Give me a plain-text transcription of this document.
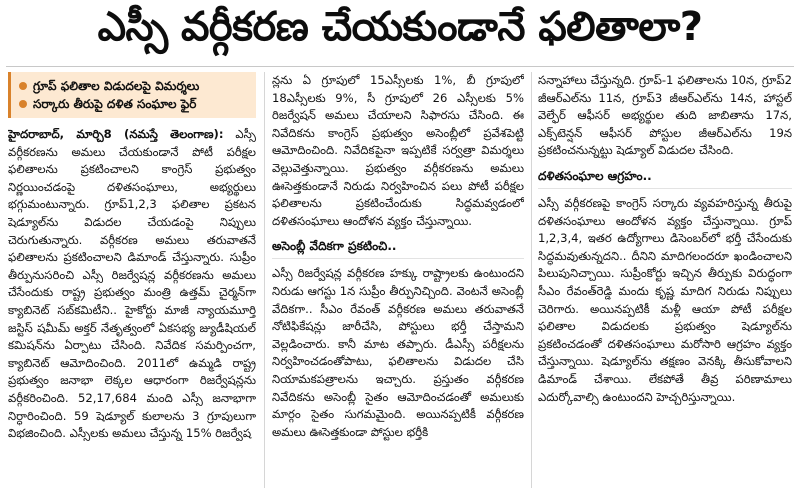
ఎస్సీ వర్గీకరణ చేయకుండానే ఫలితాలా?
గ్రూప్ ఫలితాల విడుదలపై విమర్శలు
సర్కారు తీరుపై దళిత సంఘాల ఫైర్

హైదరాబాద్, మార్చి8 (నమస్తే తెలంగాణ): ఎస్సీ వర్గీకరణను అమలు చేయకుండానే పోటీ పరీక్షల ఫలితాలను ప్రకటించాలని కాంగ్రెస్ ప్రభుత్వం నిర్ణయించడంపై దళితసంఘాలు, అభ్యర్థులు భగ్గుమంటున్నారు. గ్రూప్1,2,3 ఫలితాల ప్రకటన షెడ్యూల్‌ను విడుదల చేయడంపై నిప్పులు చెరుగుతున్నారు. వర్గీకరణ అమలు తరువాతనే ఫలితాలను ప్రకటించాలని డిమాండ్ చేస్తున్నారు. సుప్రీం తీర్పునుసరించి ఎస్సీ రిజర్వేషన్ల వర్గీకరణను అమలు చేసేందుకు రాష్ట్ర ప్రభుత్వం మంత్రి ఉత్తమ్ చైర్మన్‌గా క్యాబినెట్ సబ్‌కమిటీని.. హైకోర్టు మాజీ న్యాయమూర్తి జస్టిస్ షమీమ్ అక్తర్ నేతృత్వంలో ఏకసభ్య జ్యుడీషియల్ కమిషన్‌ను ఏర్పాటు చేసింది. నివేదిక సమర్పించగా, క్యాబినెట్ ఆమోదించింది. 2011లో ఉమ్మడి రాష్ట్ర ప్రభుత్వం జనాభా లెక్కల ఆధారంగా రిజర్వేషన్లను వర్గీకరించింది. 52,17,684 మంది ఎస్సీ జనాభాగా నిర్ధారించింది. 59 షెడ్యూల్ కులాలను 3 గ్రూపులుగా విభజించింది. ఎస్సీలకు అమలు చేస్తున్న 15% రిజర్వేష

న్లను ఏ గ్రూపులో 15ఎస్సీలకు 1%, బీ గ్రూపులో 18ఎస్సీలకు 9%, సీ గ్రూపులో 26 ఎస్సీలకు 5% రిజర్వేషన్ అమలు చేయాలని సిఫారసు చేసింది. ఈ నివేదికను కాంగ్రెస్ ప్రభుత్వం అసెంబ్లీలో ప్రవేశపెట్టి ఆమోదించింది. నివేదికపైనా ఇప్పటికే సర్వత్రా విమర్శలు వెల్లువెత్తున్నాయి. ప్రభుత్వం వర్గీకరణను అమలు ఊసెత్తకుండానే నిరుడు నిర్వహించిన పలు పోటీ పరీక్షల ఫలితాలను ప్రకటించేందుకు సిద్ధమవ్వడంలో దళితసంఘాలు ఆందోళన వ్యక్తం చేస్తున్నాయి.

అసెంబ్లీ వేదికగా ప్రకటించి..

ఎస్సీ రిజర్వేషన్ల వర్గీకరణ హక్కు రాష్ట్రాలకు ఉంటుందని నిరుడు ఆగస్టు 1న సుప్రీం తీర్పునిచ్చింది. వెంటనే అసెంబ్లీ వేదికగా.. సీఎం రేవంత్ వర్గీకరణ అమలు తరువాతనే నోటిఫికేషన్లు జారీచేసి, పోస్టులు భర్తీ చేస్తామని వెల్లడించారు. కానీ మాట తప్పారు. డీఎస్సీ పరీక్షలను నిర్వహించడంతోపాటు, ఫలితాలను విడుదల చేసి నియామకపత్రాలను ఇచ్చారు. ప్రస్తుతం వర్గీకరణ నివేదికను అసెంబ్లీ సైతం ఆమోదించడంతో అమలుకు మార్గం సైతం సుగమమైంది. అయినప్పటికీ వర్గీకరణ అమలు ఊసెత్తకుండా పోస్టుల భర్తీకి

సన్నాహాలు చేస్తున్నది. గ్రూప్-1 ఫలితాలను 10న, గ్రూప్2 జీఆర్‌ఎల్‌ను 11న, గ్రూప్3 జీఆర్‌ఎల్‌ను 14న, హాస్టల్ వెల్ఫేర్ ఆఫీసర్ అభ్యర్థుల తుది జాబితాను 17న, ఎక్స్‌టెన్షన్ ఆఫీసర్ పోస్టుల జీఆర్‌ఎల్‌ను 19న ప్రకటించనున్నట్టు షెడ్యూల్ విడుదల చేసింది.

దళితసంఘాల ఆగ్రహం..

ఎస్సీ వర్గీకరణపై కాంగ్రెస్ సర్కారు వ్యవహరిస్తున్న తీరుపై దళితసంఘాలు ఆందోళన వ్యక్తం చేస్తున్నాయి. గ్రూప్ 1,2,3,4, ఇతర ఉద్యోగాలు డిసెంబర్‌లో భర్తీ చేసేందుకు సిద్ధమవుతున్నదని.. దీనిని మాదిగలందరూ ఖండించాలని పిలుపునిచ్చాయి. సుప్రీంకోర్టు ఇచ్చిన తీర్పుకు విరుద్ధంగా సీఎం రేవంత్‌రెడ్డి మందు కృష్ణ మాదిగ నిరుడు నిప్పులు చెరిగారు. అయినప్పటికీ మళ్లీ ఆయా పోటీ పరీక్షల ఫలితాల విడుదలకు ప్రభుత్వం షెడ్యూల్‌ను ప్రకటించడంతో దళితసంఘాలు మరోసారి ఆగ్రహం వ్యక్తం చేస్తున్నాయి. షెడ్యూల్‌ను తక్షణం వెనక్కి తీసుకోవాలని డిమాండ్ చేశాయి. లేకపోతే తీవ్ర పరిణామాలు ఎదుర్కోవాల్సి ఉంటుందని హెచ్చరిస్తున్నాయి.
